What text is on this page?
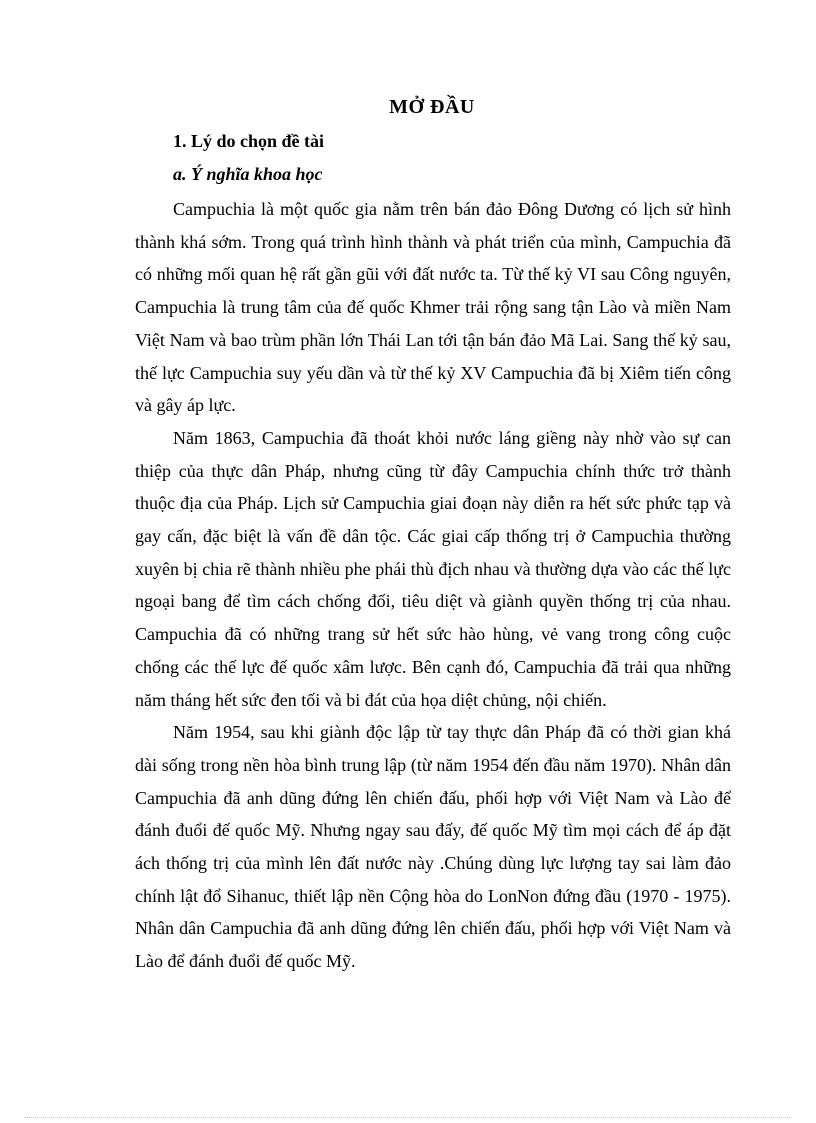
MỞ ĐẦU
1. Lý do chọn đề tài
a. Ý nghĩa khoa học

Campuchia là một quốc gia nằm trên bán đảo Đông Dương có lịch sử hình thành khá sớm. Trong quá trình hình thành và phát triển của mình, Campuchia đã có những mối quan hệ rất gần gũi với đất nước ta. Từ thế kỷ VI sau Công nguyên, Campuchia là trung tâm của đế quốc Khmer trải rộng sang tận Lào và miền Nam Việt Nam và bao trùm phần lớn Thái Lan tới tận bán đảo Mã Lai. Sang thế kỷ sau, thế lực Campuchia suy yếu dần và từ thế kỷ XV Campuchia đã bị Xiêm tiến công và gây áp lực.

Năm 1863, Campuchia đã thoát khỏi nước láng giềng này nhờ vào sự can thiệp của thực dân Pháp, nhưng cũng từ đây Campuchia chính thức trở thành thuộc địa của Pháp. Lịch sử Campuchia giai đoạn này diễn ra hết sức phức tạp và gay cấn, đặc biệt là vấn đề dân tộc. Các giai cấp thống trị ở Campuchia thường xuyên bị chia rẽ thành nhiều phe phái thù địch nhau và thường dựa vào các thế lực ngoại bang để tìm cách chống đối, tiêu diệt và giành quyền thống trị của nhau. Campuchia đã có những trang sử hết sức hào hùng, vẻ vang trong công cuộc chống các thế lực đế quốc xâm lược. Bên cạnh đó, Campuchia đã trải qua những năm tháng hết sức đen tối và bi đát của họa diệt chủng, nội chiến.

Năm 1954, sau khi giành độc lập từ tay thực dân Pháp đã có thời gian khá dài sống trong nền hòa bình trung lập (từ năm 1954 đến đầu năm 1970). Nhân dân Campuchia đã anh dũng đứng lên chiến đấu, phối hợp với Việt Nam và Lào để đánh đuổi đế quốc Mỹ. Nhưng ngay sau đấy, đế quốc Mỹ tìm mọi cách để áp đặt ách thống trị của mình lên đất nước này .Chúng dùng lực lượng tay sai làm đảo chính lật đổ Sihanuc, thiết lập nền Cộng hòa do LonNon đứng đầu (1970 - 1975). Nhân dân Campuchia đã anh dũng đứng lên chiến đấu, phối hợp với Việt Nam và Lào để đánh đuổi đế quốc Mỹ.
